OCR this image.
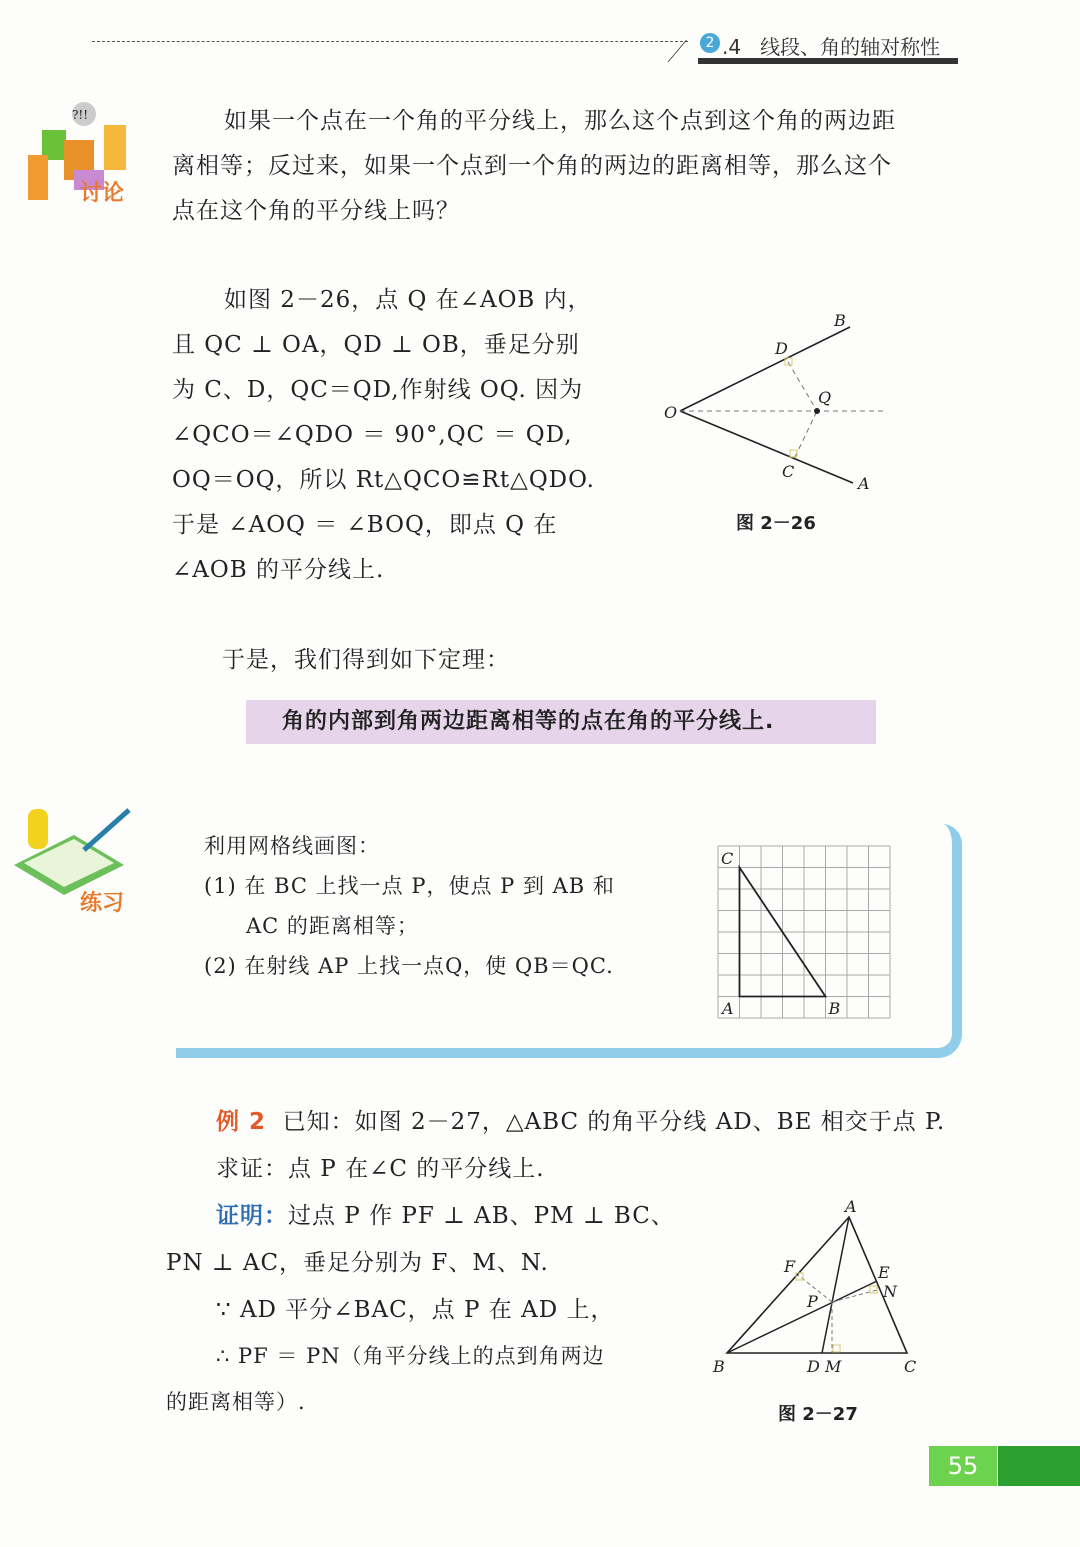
2 .4 线段、角的轴对称性
?!!
讨论
如果一个点在一个角的平分线上，那么这个点到这个角的两边距
离相等；反过来，如果一个点到一个角的两边的距离相等，那么这个
点在这个角的平分线上吗？
如图 2－26，点 Q 在∠AOB 内，
且 QC ⊥ OA，QD ⊥ OB，垂足分别
为 C、D，QC＝QD,作射线 OQ. 因为
∠QCO＝∠QDO ＝ 90°,QC ＝ QD,
OQ＝OQ，所以 Rt△QCO≌Rt△QDO.
于是 ∠AOQ ＝ ∠BOQ，即点 Q 在
∠AOB 的平分线上.
O
B
A
D
C
Q
图 2－26
于是，我们得到如下定理：
角的内部到角两边距离相等的点在角的平分线上.
练习
利用网格线画图：
(1) 在 BC 上找一点 P，使点 P 到 AB 和
AC 的距离相等；
(2) 在射线 AP 上找一点Q，使 QB＝QC.
C
A	B
例 2 已知：如图 2－27，△ABC 的角平分线 AD、BE 相交于点 P.
求证：点 P 在∠C 的平分线上.
证明：过点 P 作 PF ⊥ AB、PM ⊥ BC、
PN ⊥ AC，垂足分别为 F、M、N.
∵ AD 平分∠BAC，点 P 在 AD 上，
∴ PF ＝ PN（角平分线上的点到角两边
的距离相等）.
A
B	C
D M
E
N
F
P
图 2－27
55
